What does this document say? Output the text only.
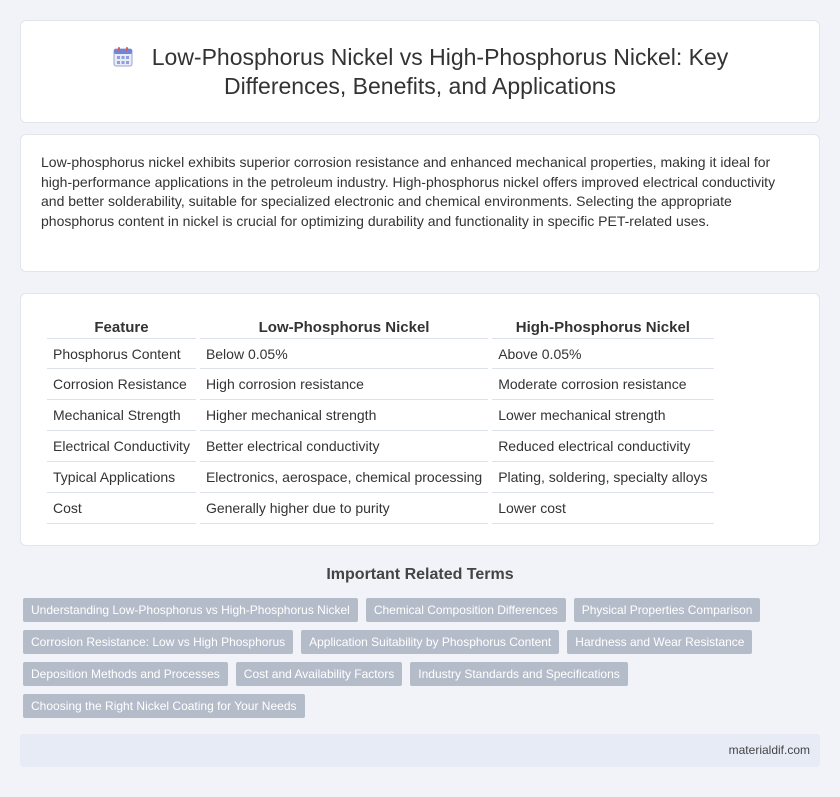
Low-Phosphorus Nickel vs High-Phosphorus Nickel: Key Differences, Benefits, and Applications

Low-phosphorus nickel exhibits superior corrosion resistance and enhanced mechanical properties, making it ideal for high-performance applications in the petroleum industry. High-phosphorus nickel offers improved electrical conductivity and better solderability, suitable for specialized electronic and chemical environments. Selecting the appropriate phosphorus content in nickel is crucial for optimizing durability and functionality in specific PET-related uses.

Feature	Low-Phosphorus Nickel	High-Phosphorus Nickel
Phosphorus Content	Below 0.05%	Above 0.05%
Corrosion Resistance	High corrosion resistance	Moderate corrosion resistance
Mechanical Strength	Higher mechanical strength	Lower mechanical strength
Electrical Conductivity	Better electrical conductivity	Reduced electrical conductivity
Typical Applications	Electronics, aerospace, chemical processing	Plating, soldering, specialty alloys
Cost	Generally higher due to purity	Lower cost
Important Related Terms
Understanding Low-Phosphorus vs High-Phosphorus Nickel	Chemical Composition Differences	Physical Properties Comparison
Corrosion Resistance: Low vs High Phosphorus	Application Suitability by Phosphorus Content	Hardness and Wear Resistance
Deposition Methods and Processes	Cost and Availability Factors	Industry Standards and Specifications
Choosing the Right Nickel Coating for Your Needs
materialdif.com
